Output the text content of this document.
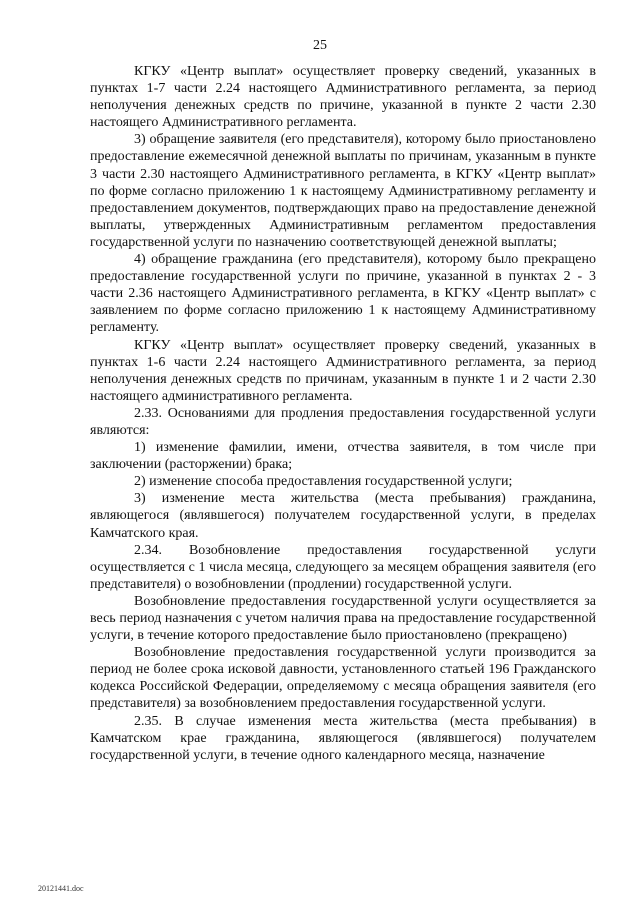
25

КГКУ «Центр выплат» осуществляет проверку сведений, указанных в пунктах 1-7 части 2.24 настоящего Административного регламента, за период неполучения денежных средств по причине, указанной в пункте 2 части 2.30 настоящего Административного регламента.

3) обращение заявителя (его представителя), которому было приостановлено предоставление ежемесячной денежной выплаты по причинам, указанным в пункте 3 части 2.30 настоящего Административного регламента, в КГКУ «Центр выплат» по форме согласно приложению 1 к настоящему Административному регламенту и предоставлением документов, подтверждающих право на предоставление денежной выплаты, утвержденных Административным регламентом предоставления государственной услуги по назначению соответствующей денежной выплаты;

4) обращение гражданина (его представителя), которому было прекращено предоставление государственной услуги по причине, указанной в пунктах 2 - 3 части 2.36 настоящего Административного регламента, в КГКУ «Центр выплат» с заявлением по форме согласно приложению 1 к настоящему Административному регламенту.

КГКУ «Центр выплат» осуществляет проверку сведений, указанных в пунктах 1-6 части 2.24 настоящего Административного регламента, за период неполучения денежных средств по причинам, указанным в пункте 1 и 2 части 2.30 настоящего административного регламента.

2.33. Основаниями для продления предоставления государственной услуги являются:

1) изменение фамилии, имени, отчества заявителя, в том числе при заключении (расторжении) брака;

2) изменение способа предоставления государственной услуги;

3) изменение места жительства (места пребывания) гражданина, являющегося (являвшегося) получателем государственной услуги, в пределах Камчатского края.

2.34. Возобновление предоставления государственной услуги осуществляется с 1 числа месяца, следующего за месяцем обращения заявителя (его представителя) о возобновлении (продлении) государственной услуги.

Возобновление предоставления государственной услуги осуществляется за весь период назначения с учетом наличия права на предоставление государственной услуги, в течение которого предоставление было приостановлено (прекращено)

Возобновление предоставления государственной услуги производится за период не более срока исковой давности, установленного статьей 196 Гражданского кодекса Российской Федерации, определяемому с месяца обращения заявителя (его представителя) за возобновлением предоставления государственной услуги.

2.35. В случае изменения места жительства (места пребывания) в Камчатском крае гражданина, являющегося (являвшегося) получателем государственной услуги, в течение одного календарного месяца, назначение

20121441.doc
